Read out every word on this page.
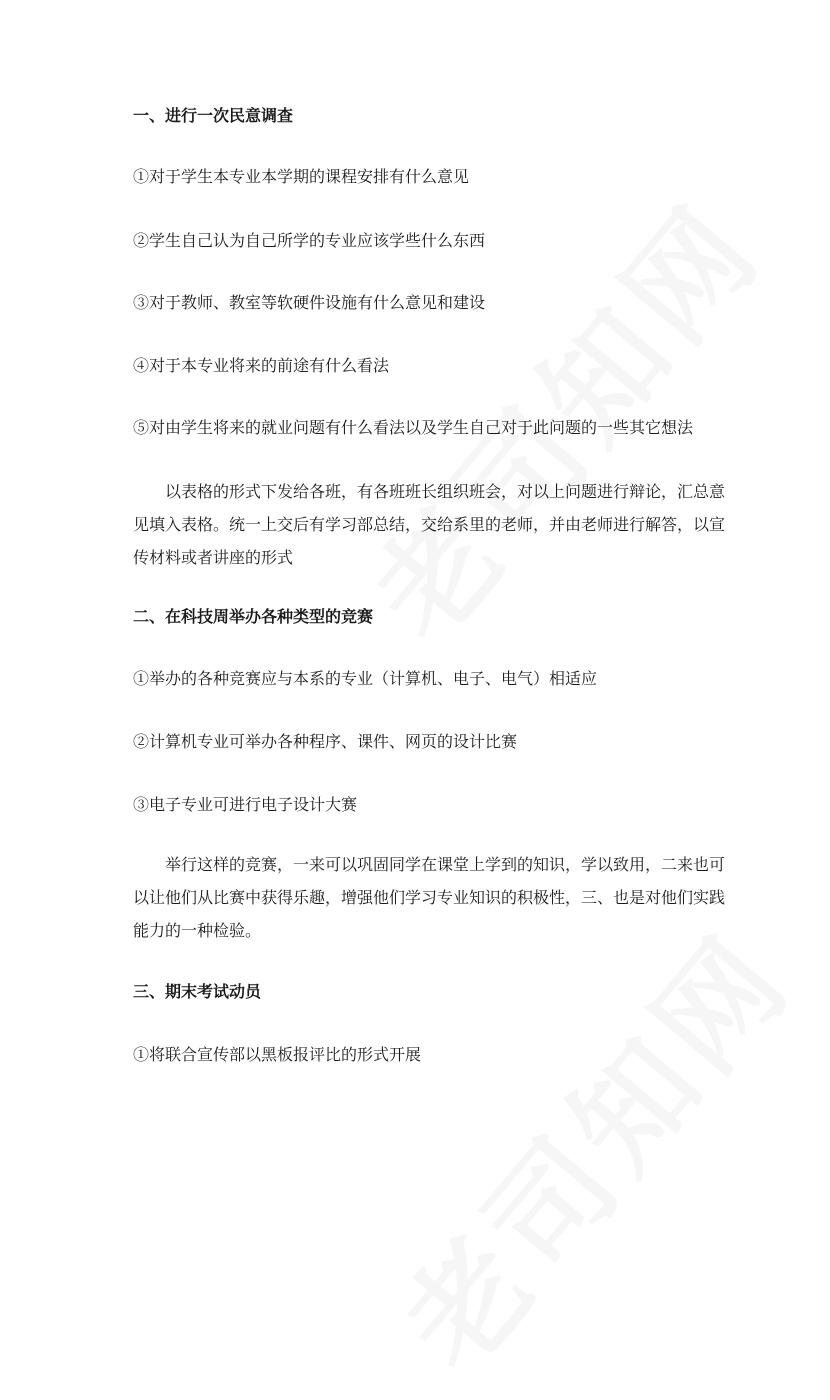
一、进行一次民意调查
①对于学生本专业本学期的课程安排有什么意见
②学生自己认为自己所学的专业应该学些什么东西
③对于教师、教室等软硬件设施有什么意见和建设
④对于本专业将来的前途有什么看法
⑤对由学生将来的就业问题有什么看法以及学生自己对于此问题的一些其它想法
以表格的形式下发给各班，有各班班长组织班会，对以上问题进行辩论，汇总意见填入表格。统一上交后有学习部总结，交给系里的老师，并由老师进行解答，以宣传材料或者讲座的形式
二、在科技周举办各种类型的竞赛
①举办的各种竞赛应与本系的专业（计算机、电子、电气）相适应
②计算机专业可举办各种程序、课件、网页的设计比赛
③电子专业可进行电子设计大赛
举行这样的竞赛，一来可以巩固同学在课堂上学到的知识，学以致用，二来也可以让他们从比赛中获得乐趣，增强他们学习专业知识的积极性，三、也是对他们实践能力的一种检验。
三、期末考试动员
①将联合宣传部以黑板报评比的形式开展
